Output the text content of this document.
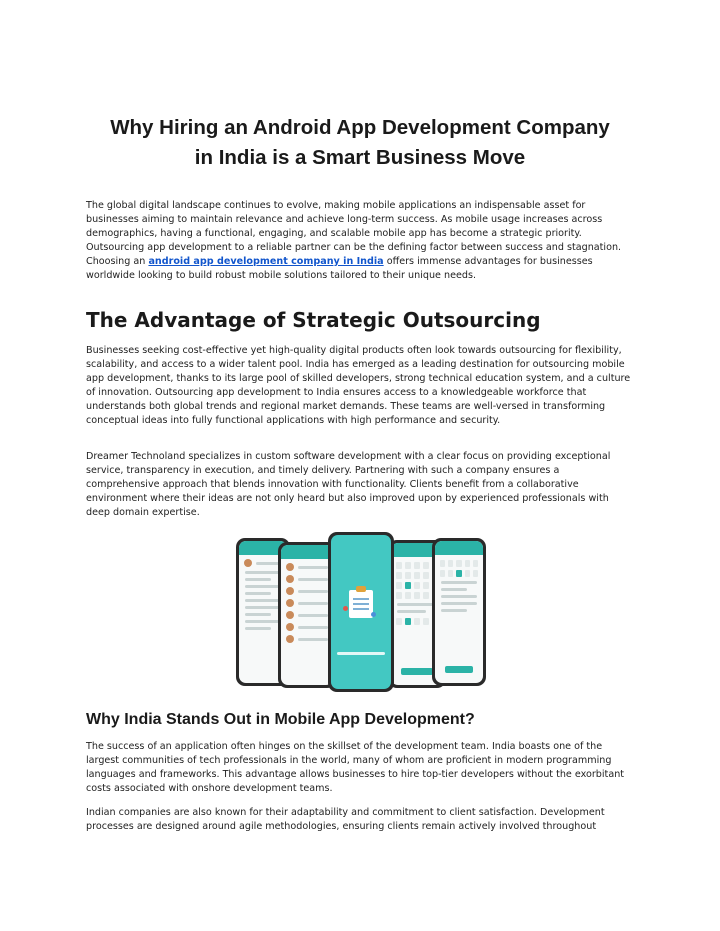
Why Hiring an Android App Development Company
in India is a Smart Business Move

The global digital landscape continues to evolve, making mobile applications an indispensable asset for businesses aiming to maintain relevance and achieve long-term success. As mobile usage increases across demographics, having a functional, engaging, and scalable mobile app has become a strategic priority. Outsourcing app development to a reliable partner can be the defining factor between success and stagnation. Choosing an android app development company in India offers immense advantages for businesses worldwide looking to build robust mobile solutions tailored to their unique needs.

The Advantage of Strategic Outsourcing

Businesses seeking cost-effective yet high-quality digital products often look towards outsourcing for flexibility, scalability, and access to a wider talent pool. India has emerged as a leading destination for outsourcing mobile app development, thanks to its large pool of skilled developers, strong technical education system, and a culture of innovation. Outsourcing app development to India ensures access to a knowledgeable workforce that understands both global trends and regional market demands. These teams are well-versed in transforming conceptual ideas into fully functional applications with high performance and security.

Dreamer Technoland specializes in custom software development with a clear focus on providing exceptional service, transparency in execution, and timely delivery. Partnering with such a company ensures a comprehensive approach that blends innovation with functionality. Clients benefit from a collaborative environment where their ideas are not only heard but also improved upon by experienced professionals with deep domain expertise.

Why India Stands Out in Mobile App Development?

The success of an application often hinges on the skillset of the development team. India boasts one of the largest communities of tech professionals in the world, many of whom are proficient in modern programming languages and frameworks. This advantage allows businesses to hire top-tier developers without the exorbitant costs associated with onshore development teams.

Indian companies are also known for their adaptability and commitment to client satisfaction. Development processes are designed around agile methodologies, ensuring clients remain actively involved throughout
